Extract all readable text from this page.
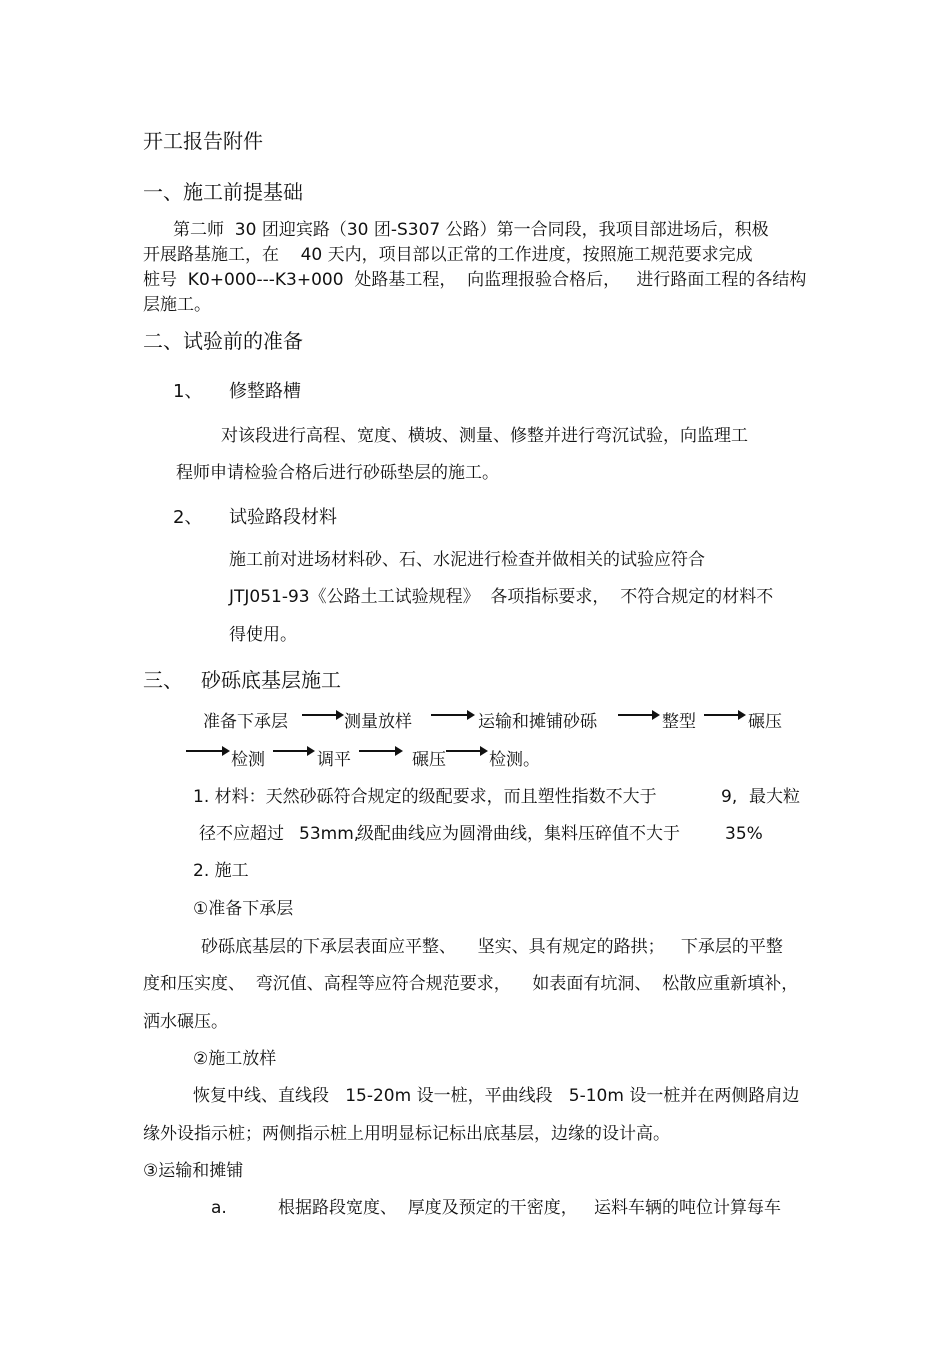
开工报告附件
一、施工前提基础
第二师  30 团迎宾路（30 团-S307 公路）第一合同段，我项目部进场后，积极
开展路基施工，在    40 天内，项目部以正常的工作进度，按照施工规范要求完成
桩号  K0+000---K3+000  处路基工程，  向监理报验合格后，   进行路面工程的各结构
层施工。
二、试验前的准备
1、 修整路槽
对该段进行高程、宽度、横坡、测量、修整并进行弯沉试验，向监理工
程师申请检验合格后进行砂砾垫层的施工。
2、 试验路段材料
施工前对进场材料砂、石、水泥进行检查并做相关的试验应符合
JTJ051-93《公路土工试验规程》  各项指标要求，  不符合规定的材料不
得使用。
三、 砂砾底基层施工
准备下承层	测量放样	运输和摊铺砂砾	整型	碾压
检测	调平	碾压	检测。
1. 材料：天然砂砾符合规定的级配要求，而且塑性指数不大于	9, 最大粒
径不应超过 53mm,
级配曲线应为圆滑曲线，集料压碎值不大于	35%
2. 施工
①准备下承层
砂砾底基层的下承层表面应平整、    坚实、具有规定的路拱；   下承层的平整
度和压实度、  弯沉值、高程等应符合规范要求，    如表面有坑洞、  松散应重新填补，
洒水碾压。
②施工放样
恢复中线、直线段   15-20m 设一桩，平曲线段   5-10m 设一桩并在两侧路肩边
缘外设指示桩；两侧指示桩上用明显标记标出底基层，边缘的设计高。
③运输和摊铺
a.	根据路段宽度、  厚度及预定的干密度，   运料车辆的吨位计算每车
